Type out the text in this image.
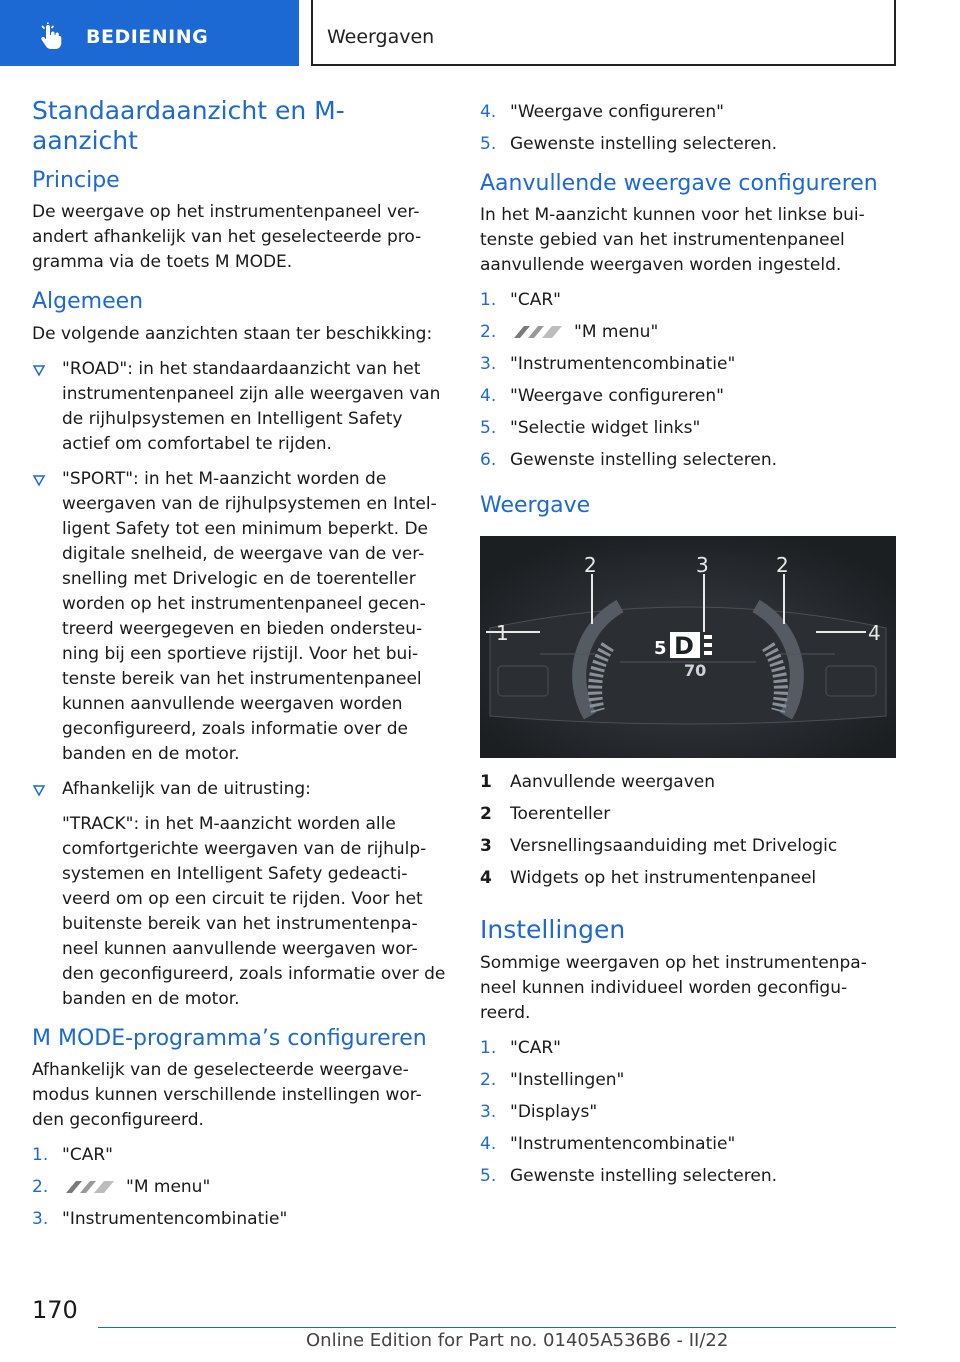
BEDIENING	Weergaven
Standaardaanzicht en M-aanzicht
Principe

De weergave op het instrumentenpaneel ver-andert afhankelijk van het geselecteerde pro-gramma via de toets M MODE.

Algemeen

De volgende aanzichten staan ter beschikking:

"ROAD": in het standaardaanzicht van het instrumentenpaneel zijn alle weergaven van de rijhulpsystemen en Intelligent Safety actief om comfortabel te rijden.
"SPORT": in het M-aanzicht worden de weergaven van de rijhulpsystemen en Intel-ligent Safety tot een minimum beperkt. De digitale snelheid, de weergave van de ver-snelling met Drivelogic en de toerenteller worden op het instrumentenpaneel gecen-treerd weergegeven en bieden ondersteu-ning bij een sportieve rijstijl. Voor het bui-tenste bereik van het instrumentenpaneel kunnen aanvullende weergaven worden geconfigureerd, zoals informatie over de banden en de motor.
Afhankelijk van de uitrusting:

"TRACK": in het M-aanzicht worden alle comfortgerichte weergaven van de rijhulp-systemen en Intelligent Safety gedeacti-veerd om op een circuit te rijden. Voor het buitenste bereik van het instrumentenpa-neel kunnen aanvullende weergaven wor-den geconfigureerd, zoals informatie over de banden en de motor.

M MODE-programma’s configureren

Afhankelijk van de geselecteerde weergave-modus kunnen verschillende instellingen wor-den geconfigureerd.

1. "CAR"
2.	"M menu"
3. "Instrumentencombinatie"
4. "Weergave configureren"
5. Gewenste instelling selecteren.
Aanvullende weergave configureren

In het M-aanzicht kunnen voor het linkse bui-tenste gebied van het instrumentenpaneel aanvullende weergaven worden ingesteld.

1. "CAR"
2.	"M menu"
3. "Instrumentencombinatie"
4. "Weergave configureren"
5. "Selectie widget links"
6. Gewenste instelling selecteren.
Weergave
5 D
70
1
2	3	2
4
1 Aanvullende weergaven
2 Toerenteller
3 Versnellingsaanduiding met Drivelogic
4 Widgets op het instrumentenpaneel
Instellingen

Sommige weergaven op het instrumentenpa-neel kunnen individueel worden geconfigu-reerd.

1. "CAR"
2. "Instellingen"
3. "Displays"
4. "Instrumentencombinatie"
5. Gewenste instelling selecteren.
170
Online Edition for Part no. 01405A536B6 - II/22
